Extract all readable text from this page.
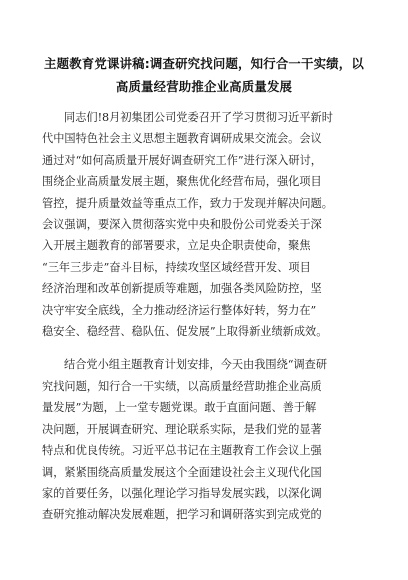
主题教育党课讲稿:调查研究找问题，知行合一干实绩，以
高质量经营助推企业高质量发展

同志们!8月初集团公司党委召开了学习贯彻习近平新时
代中国特色社会主义思想主题教育调研成果交流会。会议
通过对“如何高质量开展好调查研究工作”进行深入研讨，
围绕企业高质量发展主题，聚焦优化经营布局，强化项目
管控，提升质量效益等重点工作，致力于发现并解决问题。
会议强调，要深入贯彻落实党中央和股份公司党委关于深
入开展主题教育的部署要求，立足央企职责使命，聚焦
“三年三步走”奋斗目标，持续攻坚区域经营开发、项目
经济治理和改革创新提质等难题，加强各类风险防控，坚
决守牢安全底线，全力推动经济运行整体好转，努力在”
稳安全、稳经营、稳队伍、促发展”上取得新业绩新成效。

结合党小组主题教育计划安排，今天由我围绕“调查研
究找问题，知行合一干实绩，以高质量经营助推企业高质
量发展”为题，上一堂专题党课。敢于直面问题、善于解
决问题，开展调查研究、理论联系实际，是我们党的显著
特点和优良传统。习近平总书记在主题教育工作会议上强
调，紧紧围绕高质量发展这个全面建设社会主义现代化国
家的首要任务，以强化理论学习指导发展实践，以深化调
查研究推动解决发展难题，把学习和调研落实到完成党的
